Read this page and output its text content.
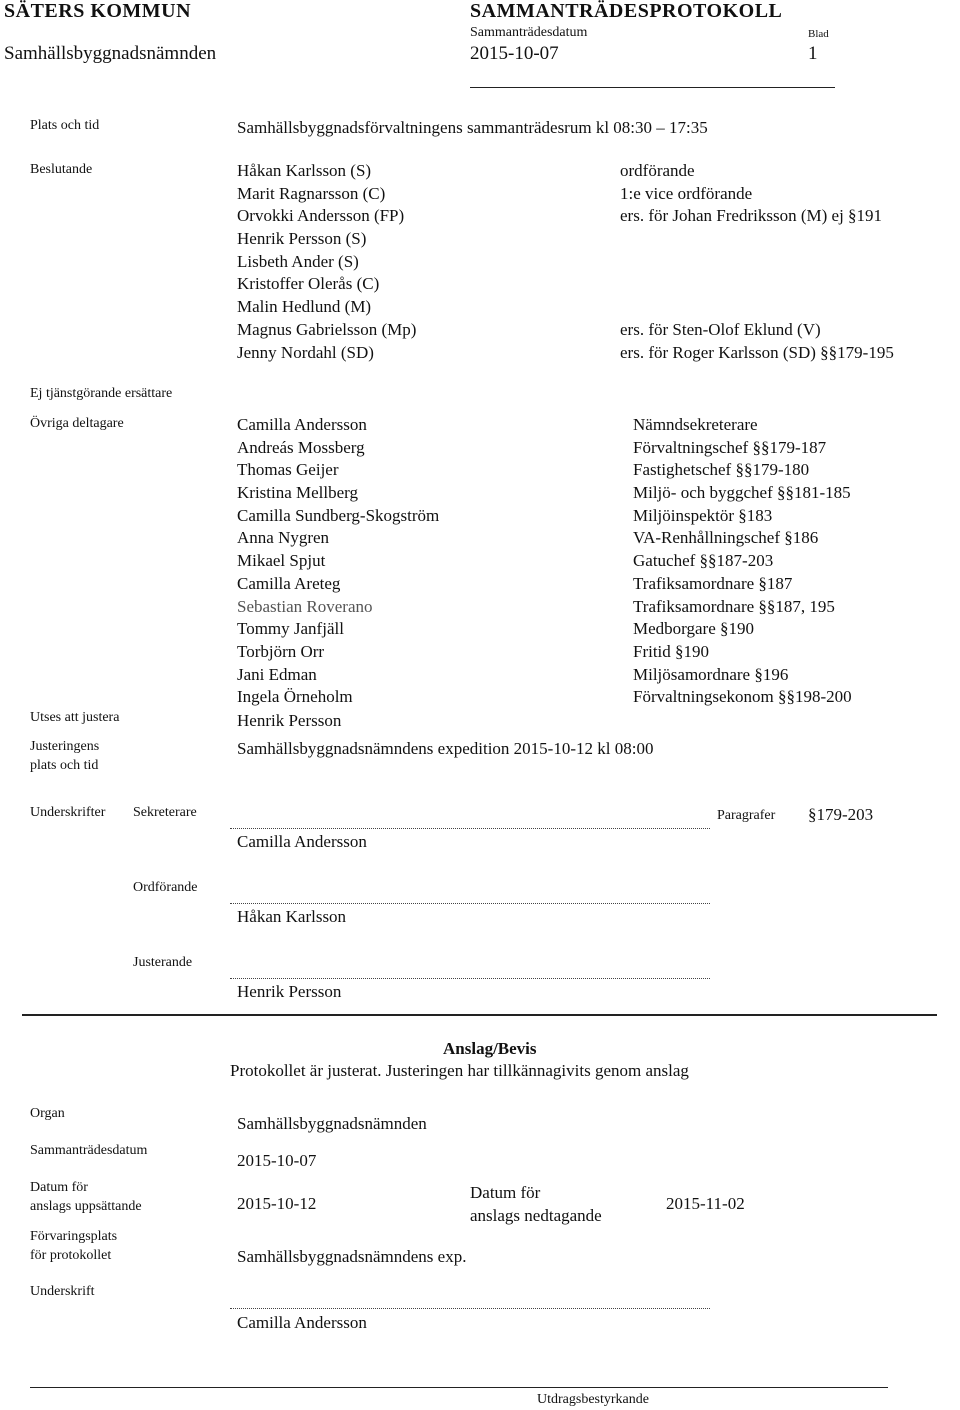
SÄTERS KOMMUN	SAMMANTRÄDESPROTOKOLL
Sammanträdesdatum	Blad
Samhällsbyggnadsnämnden	2015-10-07	1
Plats och tid	Samhällsbyggnadsförvaltningens sammanträdesrum kl 08:30 – 17:35
Beslutande	Håkan Karlsson (S)	ordförande
Marit Ragnarsson (C)	1:e vice ordförande
Orvokki Andersson (FP)	ers. för Johan Fredriksson (M) ej §191
Henrik Persson (S)
Lisbeth Ander (S)
Kristoffer Olerås (C)
Malin Hedlund (M)
Magnus Gabrielsson (Mp)	ers. för Sten-Olof Eklund (V)
Jenny Nordahl (SD)	ers. för Roger Karlsson (SD) §§179-195
Ej tjänstgörande ersättare
Övriga deltagare	Camilla Andersson	Nämndsekreterare
Andreás Mossberg	Förvaltningschef §§179-187
Thomas Geijer	Fastighetschef §§179-180
Kristina Mellberg	Miljö- och byggchef §§181-185
Camilla Sundberg-Skogström	Miljöinspektör §183
Anna Nygren	VA-Renhållningschef §186
Mikael Spjut	Gatuchef §§187-203
Camilla Areteg	Trafiksamordnare §187
Sebastian Roverano	Trafiksamordnare §§187, 195
Tommy Janfjäll	Medborgare §190
Torbjörn Orr	Fritid §190
Jani Edman	Miljösamordnare §196
Ingela Örneholm	Förvaltningsekonom §§198-200
Utses att justera	Henrik Persson
Justeringens
plats och tid
Samhällsbyggnadsnämndens expedition 2015-10-12 kl 08:00
Underskrifter Sekreterare
Camilla Andersson
Paragrafer §179-203
Ordförande
Håkan Karlsson
Justerande
Henrik Persson
Anslag/Bevis
Protokollet är justerat. Justeringen har tillkännagivits genom anslag
Organ
Samhällsbyggnadsnämnden
Sammanträdesdatum
2015-10-07
Datum för
anslags uppsättande	2015-10-12
Datum för
anslags nedtagande
2015-11-02
Förvaringsplats
för protokollet	Samhällsbyggnadsnämndens exp.
Underskrift
Camilla Andersson
Utdragsbestyrkande
